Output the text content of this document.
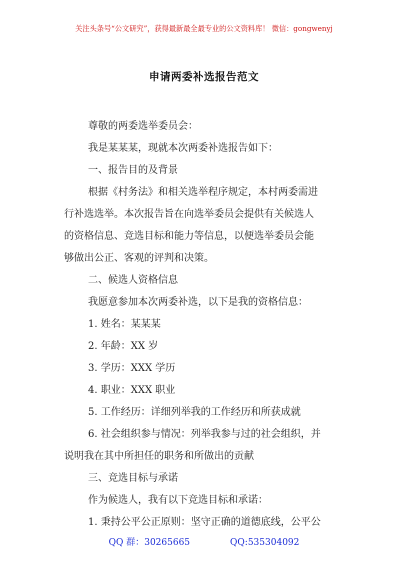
关注头条号“公文研究”，获得最新最全最专业的公文资料库！ 微信：gongwenyj
申请两委补选报告范文
尊敬的两委选举委员会：
我是某某某，现就本次两委补选报告如下：
一、报告目的及背景
根据《村务法》和相关选举程序规定，本村两委需进
行补选选举。本次报告旨在向选举委员会提供有关候选人
的资格信息、竞选目标和能力等信息，以便选举委员会能
够做出公正、客观的评判和决策。
二、候选人资格信息
我愿意参加本次两委补选，以下是我的资格信息：
1. 姓名：某某某
2. 年龄：XX 岁
3. 学历：XXX 学历
4. 职业：XXX 职业
5. 工作经历：详细列举我的工作经历和所获成就
6. 社会组织参与情况：列举我参与过的社会组织，并
说明我在其中所担任的职务和所做出的贡献
三、竞选目标与承诺
作为候选人，我有以下竞选目标和承诺：
1. 秉持公平公正原则：坚守正确的道德底线，公平公
QQ 群：30265665	QQ:535304092
